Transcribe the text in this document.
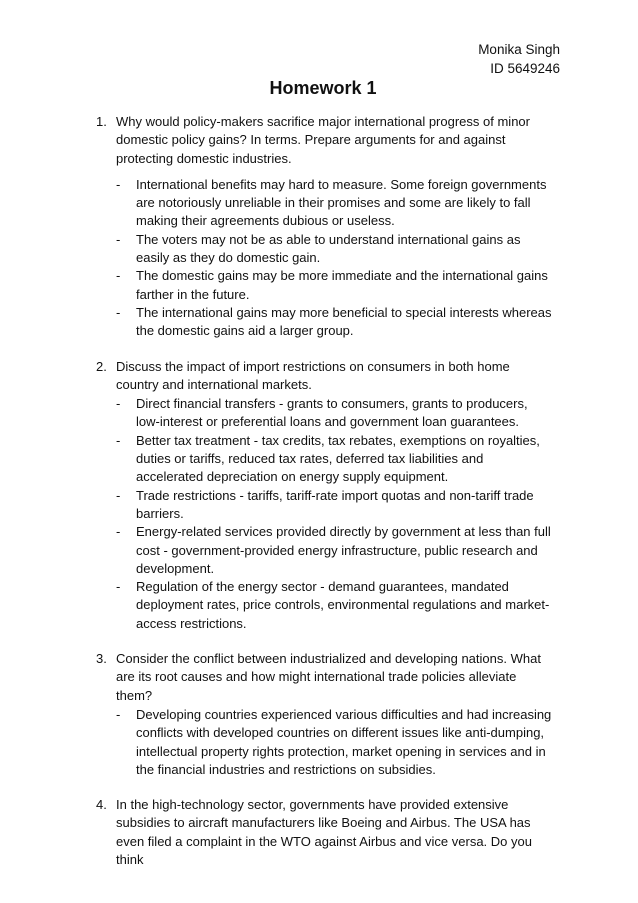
Monika Singh
ID 5649246
Homework 1
1. Why would policy-makers sacrifice major international progress of minor domestic policy gains? In terms. Prepare arguments for and against protecting domestic industries.
- International benefits may hard to measure. Some foreign governments are notoriously unreliable in their promises and some are likely to fall making their agreements dubious or useless.
- The voters may not be as able to understand international gains as easily as they do domestic gain.
- The domestic gains may be more immediate and the international gains farther in the future.
- The international gains may more beneficial to special interests whereas the domestic gains aid a larger group.
2. Discuss the impact of import restrictions on consumers in both home country and international markets.
- Direct financial transfers - grants to consumers, grants to producers, low-interest or preferential loans and government loan guarantees.
- Better tax treatment - tax credits, tax rebates, exemptions on royalties, duties or tariffs, reduced tax rates, deferred tax liabilities and accelerated depreciation on energy supply equipment.
- Trade restrictions - tariffs, tariff-rate import quotas and non-tariff trade barriers.
- Energy-related services provided directly by government at less than full cost - government-provided energy infrastructure, public research and development.
- Regulation of the energy sector - demand guarantees, mandated deployment rates, price controls, environmental regulations and market-access restrictions.
3. Consider the conflict between industrialized and developing nations. What are its root causes and how might international trade policies alleviate them?
- Developing countries experienced various difficulties and had increasing conflicts with developed countries on different issues like anti-dumping, intellectual property rights protection, market opening in services and in the financial industries and restrictions on subsidies.
4. In the high-technology sector, governments have provided extensive subsidies to aircraft manufacturers like Boeing and Airbus. The USA has even filed a complaint in the WTO against Airbus and vice versa. Do you think
